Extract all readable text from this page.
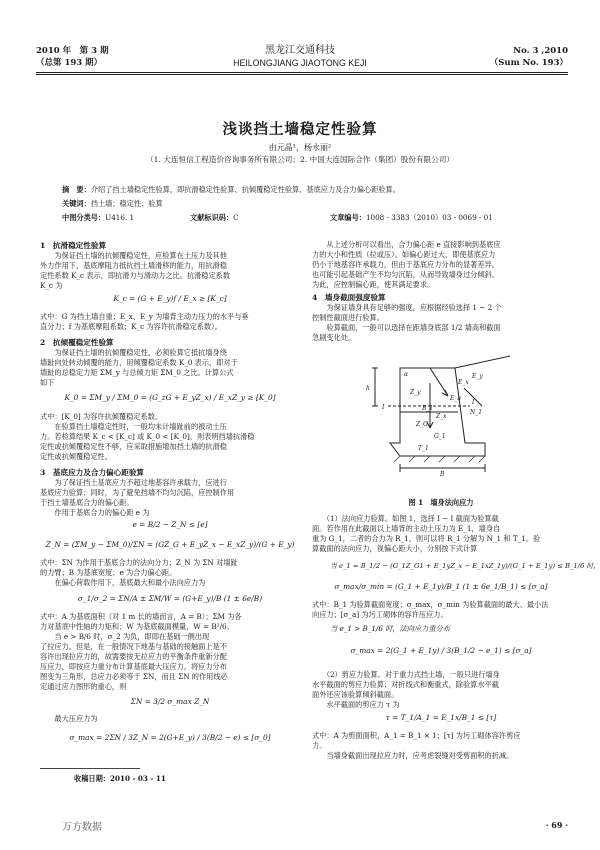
2010 年　第 3 期
（总第 193 期）
黑龙江交通科技
HEILONGJIANG JIAOTONG KEJI
No. 3 ,2010
（Sum No. 193）
浅谈挡土墙稳定性验算
由元晶¹，杨永丽²
（1. 大连恒信工程造价咨询事务所有限公司；2. 中国大连国际合作（集团）股份有限公司）
摘　要：介绍了挡土墙稳定性验算，即抗滑稳定性验算、抗倾覆稳定性验算、基底应力及合力偏心距验算。
关键词：挡土墙；稳定性；验算
中图分类号：U416. 1	文献标识码：C	文章编号：1008 - 3383（2010）03 - 0069 - 01
1　抗滑稳定性验算
　　为保证挡土墙的抗倾覆稳定性，应检算在土压力及其他
外力作用下，基底摩阻力抵抗挡土墙滑移的能力，用抗滑稳
定性系数 K_c 表示，即抗滑力与滑动力之比。抗滑稳定系数
K_c 为
K_c = (G + E_y)f / E_x ≥ [K_c]
式中：G 为挡土墙自重；E_x、E_y 为墙背主动力压力的水平与垂
直分力；f 为基底摩阻系数；K_c 为容许抗滑稳定系数）。
2　抗倾覆稳定性验算
　　为保证挡土墙的抗倾覆稳定性，必须验算它抵抗墙身绕
墙趾向处转动倾覆的能力，用倾覆稳定系数 K_0 表示，即对于
墙趾的总稳定力矩 ΣM_y 与总倾力矩 ΣM_0 之比。计算公式
如下
K_0 = ΣM_y / ΣM_0 = (G_zG + E_yZ_x) / E_xZ_y ≥ [K_0]
式中：[K_0] 为容许抗倾覆稳定系数。
　　在验算挡土墙稳定性时，一般均未计墙趾前的被动土压
力。若检算结果 K_c < [K_c] 或 K_0 < [K_0]，则表明挡墙抗滑稳
定性或抗倾覆稳定性不够，应采取措施增加挡土墙的抗滑稳
定性或抗倾覆稳定性。
3　基底应力及合力偏心距验算
　　为了保证挡土基底应力不超过地基容许承载力，应进行
基底应力验算；同时，为了避免挡墙不均匀沉陷，应控制作用
于挡土墙基底合力的偏心距。
　　作用于基底合力的偏心距 e 为
e = B/2 − Z_N ≤ [e]
Z_N = (ΣM_y − ΣM_0)/ΣN = (GZ_G + E_yZ_x − E_xZ_y)/(G + E_y)
式中：ΣN 为作用于基底合力的法向分力；Z_N 为 ΣN 对墙趾
的力臂；B 为基底宽度；e 为合力偏心距。
　　在偏心荷载作用下，基底最大和最小法向应力为
σ_1/σ_2 = ΣN/A ± ΣM/W = (G+E_y)/B (1 ± 6e/B)
式中：A 为基底面积（对 1 m 长的墙而言，A = B）；ΣM 为各
力对基底中性轴的力矩和；W 为基底截面模量，W = B²/6。
　　当 e > B/6 时，σ_2 为负，即即在基础一侧出现
了拉应力。但是，在一般情况下地基与基础的接触面上是不
容许出现拉应力的，故需要按无拉应力的平衡条件重新分配
压应力，即按应力重分布计算基底最大压应力，将应力分布
图变为三角形，总应力必须等于 ΣN，而且 ΣN 的作用线必
定通过应力图形的重心，则
ΣN = 3/2 σ_max Z_N
　　最大压应力为
σ_max = 2ΣN / 3Z_N = 2(G+E_y) / 3(B/2 − e) ≤ [σ_0]
收稿日期：2010 - 03 - 11
　　从上述分析可以看出，合力偏心距 e 直接影响到基底应
力的大小和性质（拉或压）。如偏心距过大，即使基底应力
仍小于地基容许承载力，但由于基底应力分布的显著差异，
也可能引起基础产生不均匀沉陷，从而导致墙身过分倾斜。
为此，应控制偏心距，使其满足要求。
4　墙身截面强度验算
　　为保证墙身具有足够的强度，应根据经验选择 1 ~ 2 个
控制性截面进行验算。
　　验算截面，一般可以选择在距墙身底部 1/2 墙高和截面
急剧变化处。
E_x
E_y
E_a
N_1
Z_y
Z_x
Z_G
B_1
G_1
B
I
I
T_1
α
h
图 1　墙身法向应力
　　（1）法向应力验算。如图 1，选择 I − I 截面为验算截
面。若作用在此截面以上墙背的主动土压力为 E_1，墙身自
重为 G_1，二者的合力为 R_1，则可以将 R_1 分解为 N_1 和 T_1。验
算截面的法向应力，视偏心距大小，分别按下式计算
当 e_1 = B_1/2 − (G_1Z_G1 + E_1yZ_x − E_1xZ_1y)/(G_1 + E_1y) ≤ B_1/6 时，
σ_max/σ_min = (G_1 + E_1y)/B_1 (1 ± 6e_1/B_1) ≤ [σ_a]
式中：B_1 为验算截面宽度；σ_max，σ_min 为验算截面的最大、最小法
向应力；[σ_a] 为圬工砌体的容许压应力。
当 e_1 > B_1/6 时，法向应力重分布
σ_max = 2(G_1 + E_1y) / 3(B_1/2 − e_1) ≤ [σ_a]
　　（2）剪应力验算。对于重力式挡土墙，一般只进行墙身
水平截面的剪应力验算；对折线式和衡重式，除验算水平截
面外还应该验算倾斜截面。
　　水平截面的剪应力 τ 为
τ = T_1/A_1 = E_1x/B_1 ≤ [τ]
式中：A 为剪面面积，A_1 = B_1 × 1；[τ] 为圬工砌体容许剪应
力。
　　当墙身截面出现拉应力时，应考虑裂缝对受剪面积的折减。
万方数据	· 69 ·
